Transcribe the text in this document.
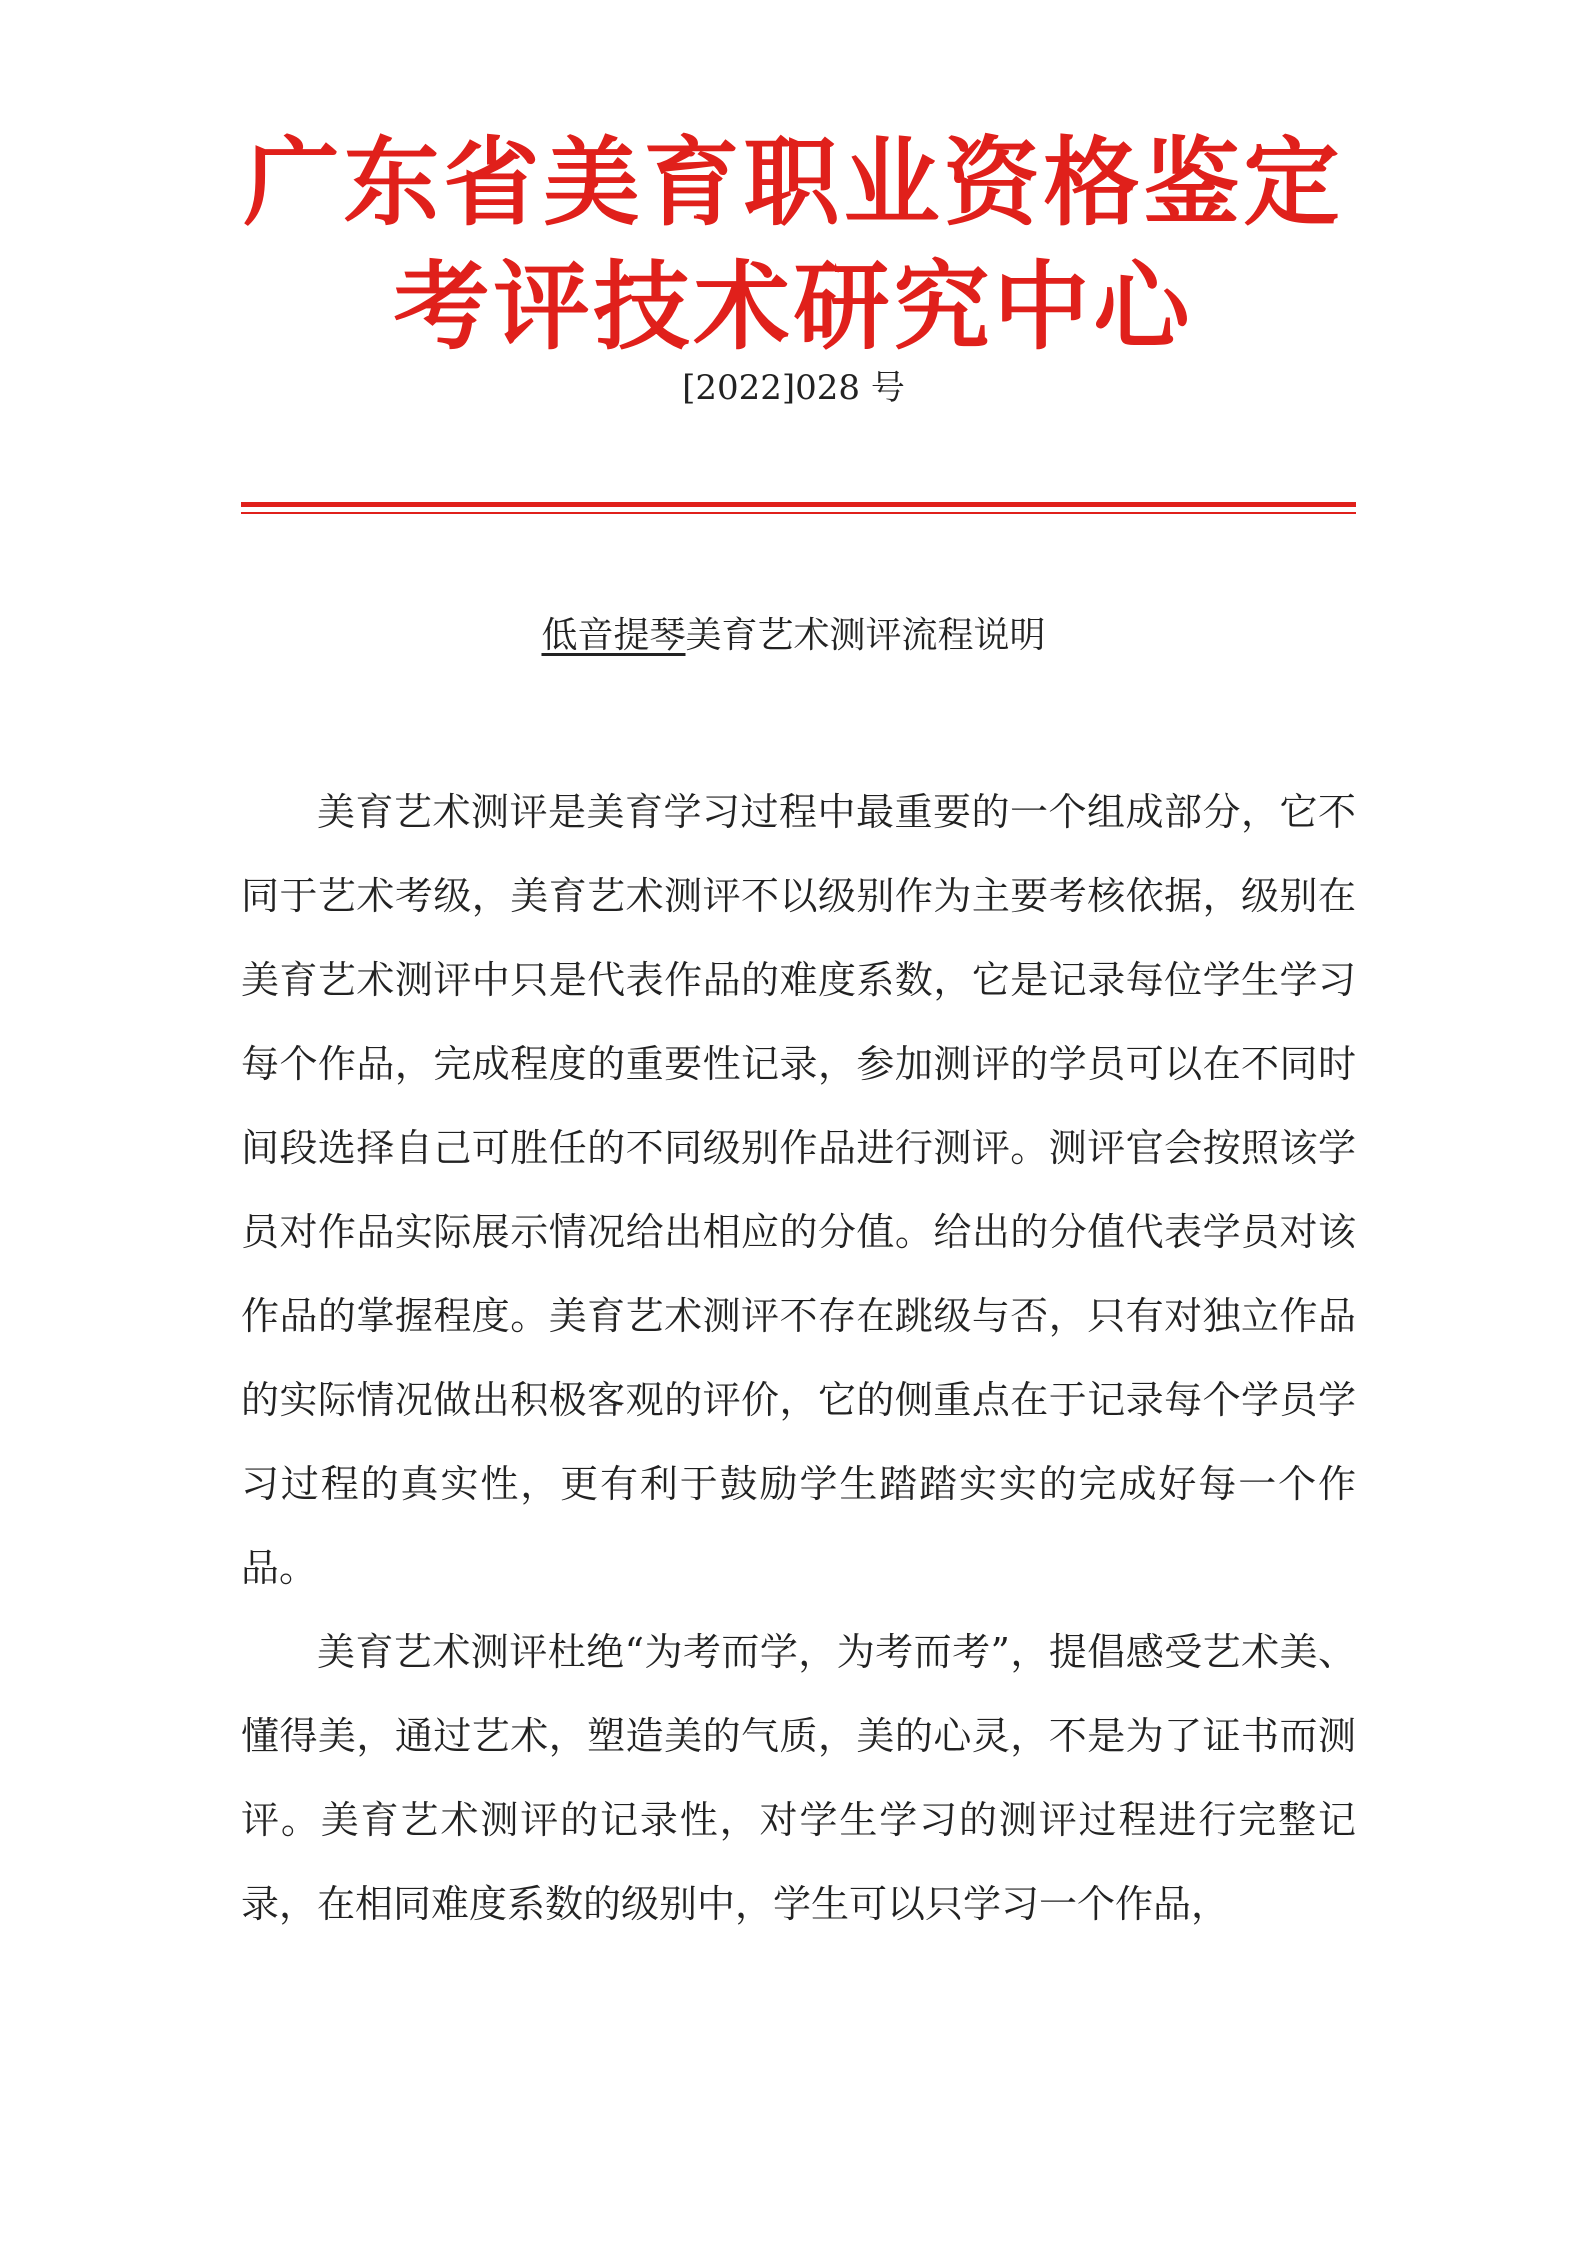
广东省美育职业资格鉴定
考评技术研究中心
[2022]028 号
低音提琴美育艺术测评流程说明

美育艺术测评是美育学习过程中最重要的一个组成部分，它不同于艺术考级，美育艺术测评不以级别作为主要考核依据，级别在美育艺术测评中只是代表作品的难度系数，它是记录每位学生学习每个作品，完成程度的重要性记录，参加测评的学员可以在不同时间段选择自己可胜任的不同级别作品进行测评。测评官会按照该学员对作品实际展示情况给出相应的分值。给出的分值代表学员对该作品的掌握程度。美育艺术测评不存在跳级与否，只有对独立作品的实际情况做出积极客观的评价，它的侧重点在于记录每个学员学习过程的真实性，更有利于鼓励学生踏踏实实的完成好每一个作品。

美育艺术测评杜绝“为考而学，为考而考”，提倡感受艺术美、懂得美，通过艺术，塑造美的气质，美的心灵，不是为了证书而测评。美育艺术测评的记录性，对学生学习的测评过程进行完整记录，在相同难度系数的级别中，学生可以只学习一个作品，
